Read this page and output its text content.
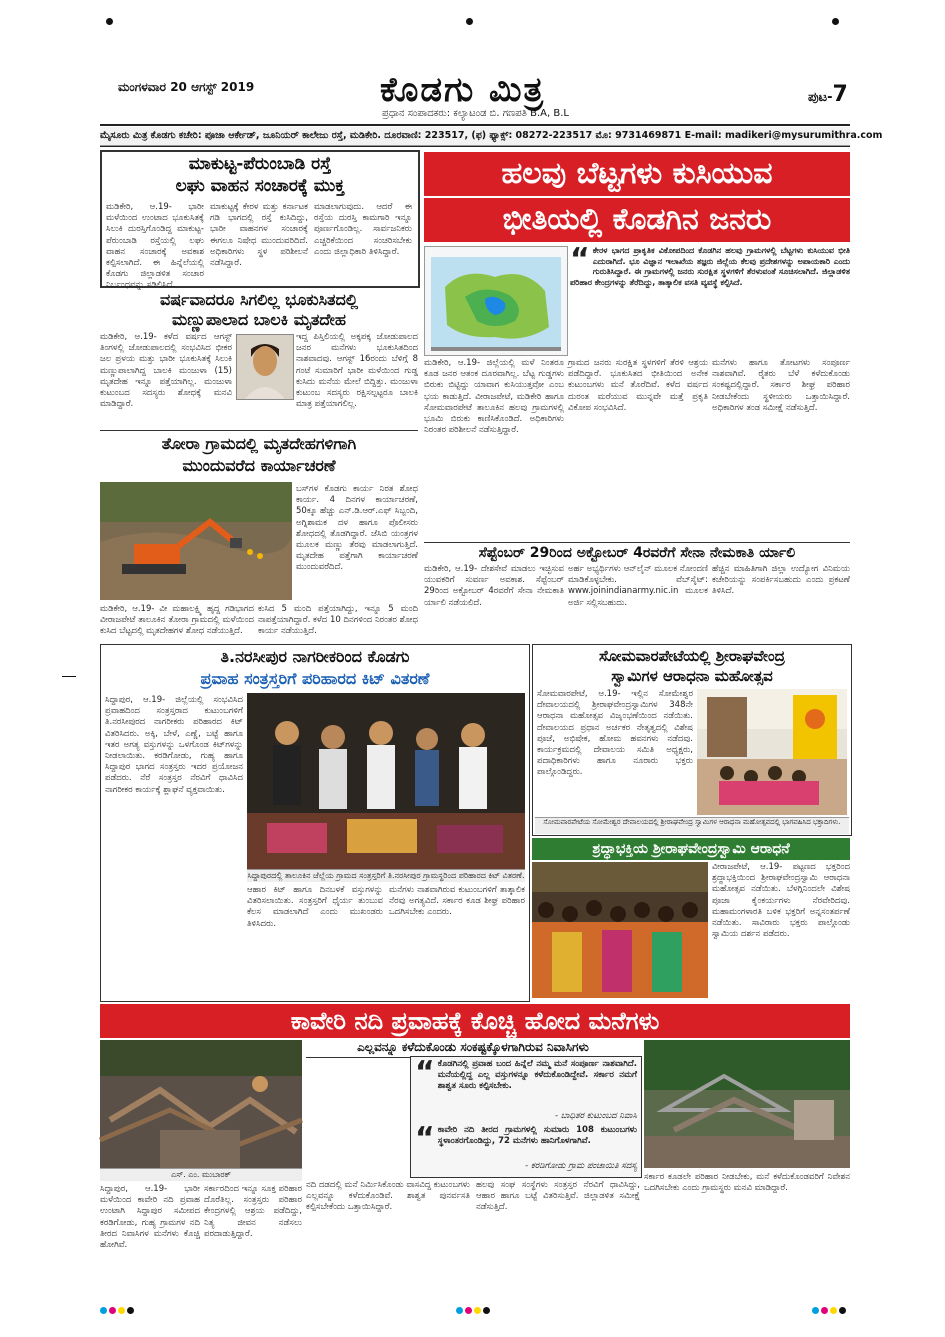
ಮಂಗಳವಾರ 20 ಆಗಸ್ಟ್ 2019	ಕೊಡಗು ಮಿತ್ರ
ಪ್ರಧಾನ ಸಂಪಾದಕರು: ಕಲ್ಯಾಟಂಡ ಬಿ. ಗಣಪತಿ B.A, B.L
ಪುಟ-7
ಮೈಸೂರು ಮಿತ್ರ ಕೊಡಗು ಕಚೇರಿ: ಪೂಜಾ ಆರ್ಕೇಡ್, ಜೂನಿಯರ್ ಕಾಲೇಜು ರಸ್ತೆ, ಮಡಿಕೇರಿ. ದೂರವಾಣಿ: 223517, (ಫ) ಫ್ಯಾಕ್ಸ್: 08272-223517 ಮೊ: 9731469871 E-mail: madikeri@mysurumithra.com
ಮಾಕುಟ್ಟ-ಪೆರುಂಬಾಡಿ ರಸ್ತೆ
ಲಘು ವಾಹನ ಸಂಚಾರಕ್ಕೆ ಮುಕ್ತ
ಮಡಿಕೇರಿ, ಆ.19- ಭಾರೀ ಮಳೆಯಿಂದ ಉಂಟಾದ ಭೂಕುಸಿತಕ್ಕೆ ಸಿಲುಕಿ ದುರಸ್ತಿಗೊಂಡಿದ್ದ ಮಾಕುಟ್ಟ-ಪೆರುಂಬಾಡಿ ರಸ್ತೆಯಲ್ಲಿ ಲಘು ವಾಹನ ಸಂಚಾರಕ್ಕೆ ಅವಕಾಶ ಕಲ್ಪಿಸಲಾಗಿದೆ. ಈ ಹಿನ್ನೆಲೆಯಲ್ಲಿ ಕೊಡಗು ಜಿಲ್ಲಾಡಳಿತ ಸಂಚಾರ ನಿರ್ಬಂಧವನ್ನು ಸಡಿಲಿಸಿದೆ.
ಮಾಕುಟ್ಟಕ್ಕೆ ಕೇರಳ ಮತ್ತು ಕರ್ನಾಟಕ ಗಡಿ ಭಾಗದಲ್ಲಿ ರಸ್ತೆ ಕುಸಿದಿದ್ದು, ಭಾರೀ ವಾಹನಗಳ ಸಂಚಾರಕ್ಕೆ ಈಗಲೂ ನಿಷೇಧ ಮುಂದುವರಿದಿದೆ. ಅಧಿಕಾರಿಗಳು ಸ್ಥಳ ಪರಿಶೀಲನೆ ನಡೆಸಿದ್ದಾರೆ.
ಮಾಡಲಾಗುವುದು. ಆದರೆ ಈ ರಸ್ತೆಯ ದುರಸ್ತಿ ಕಾಮಗಾರಿ ಇನ್ನೂ ಪೂರ್ಣಗೊಂಡಿಲ್ಲ. ಸಾರ್ವಜನಿಕರು ಎಚ್ಚರಿಕೆಯಿಂದ ಸಂಚರಿಸಬೇಕು ಎಂದು ಜಿಲ್ಲಾಧಿಕಾರಿ ತಿಳಿಸಿದ್ದಾರೆ.
ವರ್ಷವಾದರೂ ಸಿಗಲಿಲ್ಲ ಭೂಕುಸಿತದಲ್ಲಿ
ಮಣ್ಣುಪಾಲಾದ ಬಾಲಕಿ ಮೃತದೇಹ
ಮಡಿಕೇರಿ, ಆ.19- ಕಳೆದ ವರ್ಷದ ಆಗಸ್ಟ್ ತಿಂಗಳಲ್ಲಿ ಜೋಡುಪಾಲದಲ್ಲಿ ಸಂಭವಿಸಿದ ಭೀಕರ ಜಲ ಪ್ರಳಯ ಮತ್ತು ಭಾರೀ ಭೂಕುಸಿತಕ್ಕೆ ಸಿಲುಕಿ ಮಣ್ಣುಪಾಲಾಗಿದ್ದ ಬಾಲಕಿ ಮಂಜುಳಾ (15) ಮೃತದೇಹ ಇನ್ನೂ ಪತ್ತೆಯಾಗಿಲ್ಲ. ಮಂಜುಳಾ ಕುಟುಂಬದ ಸದಸ್ಯರು ಶೋಧಕ್ಕೆ ಮನವಿ ಮಾಡಿದ್ದಾರೆ.
ಇದ್ದ ಪಿಸ್ತಿಲಿಯಲ್ಲಿ ಅಕ್ಕಪಕ್ಕ ಜೋಡುಪಾಲದ ಜನರ ಮನೆಗಳು ಭೂಕುಸಿತದಿಂದ ನಾಶವಾದವು. ಆಗಸ್ಟ್ 16ರಂದು ಬೆಳಿಗ್ಗೆ 8 ಗಂಟೆ ಸುಮಾರಿಗೆ ಭಾರೀ ಮಳೆಯಿಂದ ಗುಡ್ಡ ಕುಸಿದು ಮನೆಯ ಮೇಲೆ ಬಿದ್ದಿತ್ತು. ಮಂಜುಳಾ ಕುಟುಂಬ ಸದಸ್ಯರು ರಕ್ಷಿಸಲ್ಪಟ್ಟರೂ ಬಾಲಕಿ ಮಾತ್ರ ಪತ್ತೆಯಾಗಲಿಲ್ಲ.
ತೋರಾ ಗ್ರಾಮದಲ್ಲಿ ಮೃತದೇಹಗಳಿಗಾಗಿ
ಮುಂದುವರೆದ ಕಾರ್ಯಾಚರಣೆ
ಬಸ್‌ಗಳ ಕೊಡಗು ಕಾರ್ಯ ನಿರತ ಶೋಧ ಕಾರ್ಯ. 4 ದಿನಗಳ ಕಾರ್ಯಾಚರಣೆ, 50ಕ್ಕೂ ಹೆಚ್ಚು ಎನ್.ಡಿ.ಆರ್.ಎಫ್ ಸಿಬ್ಬಂದಿ, ಅಗ್ನಿಶಾಮಕ ದಳ ಹಾಗೂ ಪೊಲೀಸರು ಶೋಧದಲ್ಲಿ ತೊಡಗಿದ್ದಾರೆ. ಜೆಸಿಬಿ ಯಂತ್ರಗಳ ಮೂಲಕ ಮಣ್ಣು ತೆರವು ಮಾಡಲಾಗುತ್ತಿದೆ. ಮೃತದೇಹ ಪತ್ತೆಗಾಗಿ ಕಾರ್ಯಾಚರಣೆ ಮುಂದುವರೆದಿದೆ.
ಮಡಿಕೇರಿ, ಆ.19- ವೀ ಮಹಾಲಕ್ಷ್ಮಿ ಹೃದ್ದ ಗಡಿಭಾಗದ ವೀರಾಜಪೇಟೆ ತಾಲೂಕಿನ ತೋರಾ ಗ್ರಾಮದಲ್ಲಿ ಮಳೆಯಿಂದ ಕುಸಿದ ಬೆಟ್ಟದಲ್ಲಿ ಮೃತದೇಹಗಳ ಶೋಧ ನಡೆಯುತ್ತಿದೆ.
ಕುಸಿದ 5 ಮಂದಿ ಪತ್ತೆಯಾಗಿದ್ದು, ಇನ್ನೂ 5 ಮಂದಿ ನಾಪತ್ತೆಯಾಗಿದ್ದಾರೆ. ಕಳೆದ 10 ದಿನಗಳಿಂದ ನಿರಂತರ ಶೋಧ ಕಾರ್ಯ ನಡೆಯುತ್ತಿದೆ.
ಹಲವು ಬೆಟ್ಟಗಳು ಕುಸಿಯುವ
ಭೀತಿಯಲ್ಲಿ ಕೊಡಗಿನ ಜನರು
“ ಕೇರಳ ಭಾಗದ ಪ್ರಾಕೃತಿಕ ವಿಕೋಪದಿಂದ ಕೊಡಗಿನ ಹಲವು ಗ್ರಾಮಗಳಲ್ಲಿ ಬೆಟ್ಟಗಳು ಕುಸಿಯುವ ಭೀತಿ ಎದುರಾಗಿದೆ. ಭೂ ವಿಜ್ಞಾನ ಇಲಾಖೆಯ ತಜ್ಞರು ಜಿಲ್ಲೆಯ ಕೆಲವು ಪ್ರದೇಶಗಳನ್ನು ಅಪಾಯಕಾರಿ ಎಂದು ಗುರುತಿಸಿದ್ದಾರೆ. ಈ ಗ್ರಾಮಗಳಲ್ಲಿ ಜನರು ಸುರಕ್ಷಿತ ಸ್ಥಳಗಳಿಗೆ ತೆರಳುವಂತೆ ಸೂಚಿಸಲಾಗಿದೆ. ಜಿಲ್ಲಾಡಳಿತ ಪರಿಹಾರ ಕೇಂದ್ರಗಳನ್ನು ತೆರೆದಿದ್ದು, ತಾತ್ಕಾಲಿಕ ವಸತಿ ವ್ಯವಸ್ಥೆ ಕಲ್ಪಿಸಿದೆ.
ಮಡಿಕೇರಿ, ಆ.19- ಜಿಲ್ಲೆಯಲ್ಲಿ ಮಳೆ ನಿಂತರೂ ಕೂಡ ಜನರ ಆತಂಕ ದೂರವಾಗಿಲ್ಲ. ಬೆಟ್ಟ ಗುಡ್ಡಗಳು ಬಿರುಕು ಬಿಟ್ಟಿದ್ದು ಯಾವಾಗ ಕುಸಿಯುತ್ತವೋ ಎಂಬ ಭಯ ಕಾಡುತ್ತಿದೆ. ವೀರಾಜಪೇಟೆ, ಮಡಿಕೇರಿ ಹಾಗೂ ಸೋಮವಾರಪೇಟೆ ತಾಲೂಕಿನ ಹಲವು ಗ್ರಾಮಗಳಲ್ಲಿ ಭೂಮಿ ಬಿರುಕು ಕಾಣಿಸಿಕೊಂಡಿದೆ. ಅಧಿಕಾರಿಗಳು ನಿರಂತರ ಪರಿಶೀಲನೆ ನಡೆಸುತ್ತಿದ್ದಾರೆ.
ಗ್ರಾಮದ ಜನರು ಸುರಕ್ಷಿತ ಸ್ಥಳಗಳಿಗೆ ತೆರಳಿ ಆಶ್ರಯ ಪಡೆದಿದ್ದಾರೆ. ಭೂಕುಸಿತದ ಭೀತಿಯಿಂದ ಅನೇಕ ಕುಟುಂಬಗಳು ಮನೆ ತೊರೆದಿವೆ. ಕಳೆದ ವರ್ಷದ ದುರಂತ ಮರೆಯುವ ಮುನ್ನವೇ ಮತ್ತೆ ಪ್ರಕೃತಿ ವಿಕೋಪ ಸಂಭವಿಸಿದೆ.
ಮನೆಗಳು ಹಾಗೂ ತೋಟಗಳು ಸಂಪೂರ್ಣ ನಾಶವಾಗಿವೆ. ರೈತರು ಬೆಳೆ ಕಳೆದುಕೊಂಡು ಸಂಕಷ್ಟದಲ್ಲಿದ್ದಾರೆ. ಸರ್ಕಾರ ಶೀಘ್ರ ಪರಿಹಾರ ನೀಡಬೇಕೆಂದು ಸ್ಥಳೀಯರು ಒತ್ತಾಯಿಸಿದ್ದಾರೆ. ಅಧಿಕಾರಿಗಳ ತಂಡ ಸಮೀಕ್ಷೆ ನಡೆಸುತ್ತಿದೆ.
ಸೆಪ್ಟೆಂಬರ್ 29ರಿಂದ ಅಕ್ಟೋಬರ್ 4ರವರೆಗೆ ಸೇನಾ ನೇಮಕಾತಿ ರ್ಯಾಲಿ
ಮಡಿಕೇರಿ, ಆ.19- ದೇಶಸೇವೆ ಮಾಡಲು ಇಚ್ಛಿಸುವ ಯುವಕರಿಗೆ ಸುವರ್ಣ ಅವಕಾಶ. ಸೆಪ್ಟೆಂಬರ್ 29ರಿಂದ ಅಕ್ಟೋಬರ್ 4ರವರೆಗೆ ಸೇನಾ ನೇಮಕಾತಿ ರ್ಯಾಲಿ ನಡೆಯಲಿದೆ.
ಅರ್ಹ ಅಭ್ಯರ್ಥಿಗಳು ಆನ್‌ಲೈನ್ ಮೂಲಕ ನೋಂದಣಿ ಮಾಡಿಕೊಳ್ಳಬೇಕು. ವೆಬ್‌ಸೈಟ್: www.joinindianarmy.nic.in ಮೂಲಕ ಅರ್ಜಿ ಸಲ್ಲಿಸಬಹುದು.
ಹೆಚ್ಚಿನ ಮಾಹಿತಿಗಾಗಿ ಜಿಲ್ಲಾ ಉದ್ಯೋಗ ವಿನಿಮಯ ಕಚೇರಿಯನ್ನು ಸಂಪರ್ಕಿಸಬಹುದು ಎಂದು ಪ್ರಕಟಣೆ ತಿಳಿಸಿದೆ.
ತಿ.ನರಸೀಪುರ ನಾಗರೀಕರಿಂದ ಕೊಡಗು
ಪ್ರವಾಹ ಸಂತ್ರಸ್ತರಿಗೆ ಪರಿಹಾರದ ಕಿಟ್ ವಿತರಣೆ
ಸಿದ್ದಾಪುರ, ಆ.19- ಜಿಲ್ಲೆಯಲ್ಲಿ ಸಂಭವಿಸಿದ ಪ್ರವಾಹದಿಂದ ಸಂತ್ರಸ್ತರಾದ ಕುಟುಂಬಗಳಿಗೆ ತಿ.ನರಸೀಪುರದ ನಾಗರೀಕರು ಪರಿಹಾರದ ಕಿಟ್ ವಿತರಿಸಿದರು. ಅಕ್ಕಿ, ಬೇಳೆ, ಎಣ್ಣೆ, ಬಟ್ಟೆ ಹಾಗೂ ಇತರ ಅಗತ್ಯ ವಸ್ತುಗಳನ್ನು ಒಳಗೊಂಡ ಕಿಟ್‌ಗಳನ್ನು ನೀಡಲಾಯಿತು. ಕರಡಿಗೋಡು, ಗುಹ್ಯ ಹಾಗೂ ಸಿದ್ದಾಪುರ ಭಾಗದ ಸಂತ್ರಸ್ತರು ಇದರ ಪ್ರಯೋಜನ ಪಡೆದರು. ನೆರೆ ಸಂತ್ರಸ್ತರ ನೆರವಿಗೆ ಧಾವಿಸಿದ ನಾಗರೀಕರ ಕಾರ್ಯಕ್ಕೆ ಶ್ಲಾಘನೆ ವ್ಯಕ್ತವಾಯಿತು.
ಸಿದ್ದಾಪುರದಲ್ಲಿ ತಾಲೂಕಿನ ಜೆಲ್ಲೆಯ ಗ್ರಾಮದ ಸಂತ್ರಸ್ತರಿಗೆ ತಿ.ನರಸೀಪುರ ಗ್ರಾಮಸ್ಥರಿಂದ ಪರಿಹಾರದ ಕಿಟ್ ವಿತರಣೆ.
ಆಹಾರ ಕಿಟ್ ಹಾಗೂ ದಿನಬಳಕೆ ವಸ್ತುಗಳನ್ನು ವಿತರಿಸಲಾಯಿತು. ಸಂತ್ರಸ್ತರಿಗೆ ಧೈರ್ಯ ತುಂಬುವ ಕೆಲಸ ಮಾಡಲಾಗಿದೆ ಎಂದು ಮುಖಂಡರು ತಿಳಿಸಿದರು.
ಮನೆಗಳು ನಾಶವಾಗಿರುವ ಕುಟುಂಬಗಳಿಗೆ ತಾತ್ಕಾಲಿಕ ನೆರವು ಅಗತ್ಯವಿದೆ. ಸರ್ಕಾರ ಕೂಡ ಶೀಘ್ರ ಪರಿಹಾರ ಒದಗಿಸಬೇಕು ಎಂದರು.
ಸೋಮವಾರಪೇಟೆಯಲ್ಲಿ ಶ್ರೀರಾಘವೇಂದ್ರ
ಸ್ವಾಮಿಗಳ ಆರಾಧನಾ ಮಹೋತ್ಸವ
ಸೋಮವಾರಪೇಟೆ, ಆ.19- ಇಲ್ಲಿನ ಸೋಮೇಶ್ವರ ದೇವಾಲಯದಲ್ಲಿ ಶ್ರೀರಾಘವೇಂದ್ರಸ್ವಾಮಿಗಳ 348ನೇ ಆರಾಧನಾ ಮಹೋತ್ಸವ ವಿಜೃಂಭಣೆಯಿಂದ ನಡೆಯಿತು. ದೇವಾಲಯದ ಪ್ರಧಾನ ಅರ್ಚಕರ ನೇತೃತ್ವದಲ್ಲಿ ವಿಶೇಷ ಪೂಜೆ, ಅಭಿಷೇಕ, ಹೋಮ ಹವನಗಳು ನಡೆದವು. ಕಾರ್ಯಕ್ರಮದಲ್ಲಿ ದೇವಾಲಯ ಸಮಿತಿ ಅಧ್ಯಕ್ಷರು, ಪದಾಧಿಕಾರಿಗಳು ಹಾಗೂ ನೂರಾರು ಭಕ್ತರು ಪಾಲ್ಗೊಂಡಿದ್ದರು.
ಸೋಮವಾರಪೇಟೆಯ ಸೋಮೇಶ್ವರ ದೇವಾಲಯದಲ್ಲಿ ಶ್ರೀರಾಘವೇಂದ್ರ ಸ್ವಾಮಿಗಳ ಆರಾಧನಾ ಮಹೋತ್ಸವದಲ್ಲಿ ಭಾಗವಹಿಸಿದ ಭಕ್ತಾದಿಗಳು.
ಶ್ರದ್ಧಾಭಕ್ತಿಯ ಶ್ರೀರಾಘವೇಂದ್ರಸ್ವಾಮಿ ಆರಾಧನೆ
ವೀರಾಜಪೇಟೆ, ಆ.19- ಪಟ್ಟಣದ ಭಕ್ತರಿಂದ ಶ್ರದ್ಧಾಭಕ್ತಿಯಿಂದ ಶ್ರೀರಾಘವೇಂದ್ರಸ್ವಾಮಿ ಆರಾಧನಾ ಮಹೋತ್ಸವ ನಡೆಯಿತು. ಬೆಳಗ್ಗಿನಿಂದಲೇ ವಿಶೇಷ ಪೂಜಾ ಕೈಂಕರ್ಯಗಳು ನೆರವೇರಿದವು. ಮಹಾಮಂಗಳಾರತಿ ಬಳಿಕ ಭಕ್ತರಿಗೆ ಅನ್ನಸಂತರ್ಪಣೆ ನಡೆಯಿತು. ಸಾವಿರಾರು ಭಕ್ತರು ಪಾಲ್ಗೊಂಡು ಸ್ವಾಮಿಯ ದರ್ಶನ ಪಡೆದರು.
ಕಾವೇರಿ ನದಿ ಪ್ರವಾಹಕ್ಕೆ ಕೊಚ್ಚಿ ಹೋದ ಮನೆಗಳು
ಎಸ್. ಎಂ. ಮುಬಾರಕ್
ಎಲ್ಲವನ್ನೂ ಕಳೆದುಕೊಂಡು ಸಂಕಷ್ಟಕ್ಕೊಳಗಾಗಿರುವ ನಿವಾಸಿಗಳು
“ ಕೊಡಗಿನಲ್ಲಿ ಪ್ರವಾಹ ಬಂದ ಹಿನ್ನೆಲೆ ನಮ್ಮ ಮನೆ ಸಂಪೂರ್ಣ ನಾಶವಾಗಿದೆ. ಮನೆಯಲ್ಲಿದ್ದ ಎಲ್ಲ ವಸ್ತುಗಳನ್ನೂ ಕಳೆದುಕೊಂಡಿದ್ದೇವೆ. ಸರ್ಕಾರ ನಮಗೆ ಶಾಶ್ವತ ಸೂರು ಕಲ್ಪಿಸಬೇಕು.
- ಬಾಧಿತರ ಕುಟುಂಬದ ನಿವಾಸಿ
“ ಕಾವೇರಿ ನದಿ ತೀರದ ಗ್ರಾಮಗಳಲ್ಲಿ ಸುಮಾರು 108 ಕುಟುಂಬಗಳು ಸ್ಥಳಾಂತರಗೊಂಡಿದ್ದು, 72 ಮನೆಗಳು ಹಾನಿಗೊಳಗಾಗಿವೆ.
- ಕರಡಿಗೋಡು ಗ್ರಾಮ ಪಂಚಾಯಿತಿ ಸದಸ್ಯ
ಸಿದ್ದಾಪುರ, ಆ.19- ಭಾರೀ ಮಳೆಯಿಂದ ಕಾವೇರಿ ನದಿ ಪ್ರವಾಹ ಉಂಟಾಗಿ ಸಿದ್ದಾಪುರ ಸಮೀಪದ ಕರಡಿಗೋಡು, ಗುಹ್ಯ ಗ್ರಾಮಗಳ ನದಿ ತೀರದ ನಿವಾಸಿಗಳ ಮನೆಗಳು ಕೊಚ್ಚಿ ಹೋಗಿವೆ.
ಸರ್ಕಾರದಿಂದ ಇನ್ನೂ ಸೂಕ್ತ ಪರಿಹಾರ ದೊರೆತಿಲ್ಲ. ಸಂತ್ರಸ್ತರು ಪರಿಹಾರ ಕೇಂದ್ರಗಳಲ್ಲಿ ಆಶ್ರಯ ಪಡೆದಿದ್ದು, ನಿತ್ಯ ಜೀವನ ನಡೆಸಲು ಪರದಾಡುತ್ತಿದ್ದಾರೆ.
ನದಿ ದಡದಲ್ಲಿ ಮನೆ ನಿರ್ಮಿಸಿಕೊಂಡು ವಾಸವಿದ್ದ ಕುಟುಂಬಗಳು ಎಲ್ಲವನ್ನೂ ಕಳೆದುಕೊಂಡಿವೆ. ಶಾಶ್ವತ ಪುನರ್ವಸತಿ ಕಲ್ಪಿಸಬೇಕೆಂದು ಒತ್ತಾಯಿಸಿದ್ದಾರೆ.
ಹಲವು ಸಂಘ ಸಂಸ್ಥೆಗಳು ಸಂತ್ರಸ್ತರ ನೆರವಿಗೆ ಧಾವಿಸಿದ್ದು, ಆಹಾರ ಹಾಗೂ ಬಟ್ಟೆ ವಿತರಿಸುತ್ತಿವೆ. ಜಿಲ್ಲಾಡಳಿತ ಸಮೀಕ್ಷೆ ನಡೆಸುತ್ತಿದೆ.
ಸರ್ಕಾರ ಕೂಡಲೇ ಪರಿಹಾರ ನೀಡಬೇಕು, ಮನೆ ಕಳೆದುಕೊಂಡವರಿಗೆ ನಿವೇಶನ ಒದಗಿಸಬೇಕು ಎಂದು ಗ್ರಾಮಸ್ಥರು ಮನವಿ ಮಾಡಿದ್ದಾರೆ.
